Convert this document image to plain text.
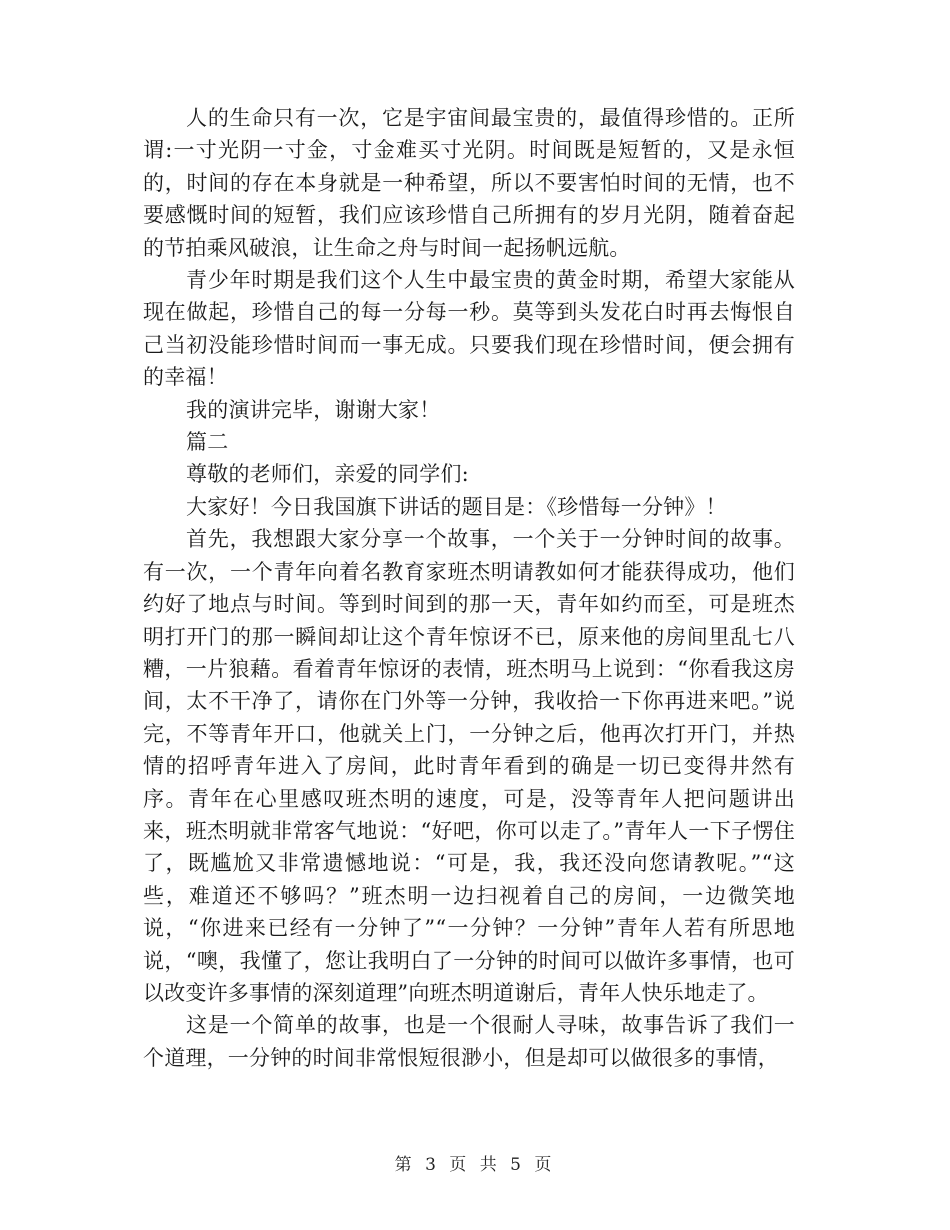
人的生命只有一次，它是宇宙间最宝贵的，最值得珍惜的。正所谓:一寸光阴一寸金，寸金难买寸光阴。时间既是短暂的，又是永恒的，时间的存在本身就是一种希望，所以不要害怕时间的无情，也不要感慨时间的短暂，我们应该珍惜自己所拥有的岁月光阴，随着奋起的节拍乘风破浪，让生命之舟与时间一起扬帆远航。

青少年时期是我们这个人生中最宝贵的黄金时期，希望大家能从现在做起，珍惜自己的每一分每一秒。莫等到头发花白时再去悔恨自己当初没能珍惜时间而一事无成。只要我们现在珍惜时间，便会拥有的幸福！

我的演讲完毕，谢谢大家！

篇二

尊敬的老师们，亲爱的同学们:

大家好！今日我国旗下讲话的题目是：《珍惜每一分钟》！

首先，我想跟大家分享一个故事，一个关于一分钟时间的故事。有一次，一个青年向着名教育家班杰明请教如何才能获得成功，他们约好了地点与时间。等到时间到的那一天，青年如约而至，可是班杰明打开门的那一瞬间却让这个青年惊讶不已，原来他的房间里乱七八糟，一片狼藉。看着青年惊讶的表情，班杰明马上说到：“你看我这房间，太不干净了，请你在门外等一分钟，我收拾一下你再进来吧。”说完，不等青年开口，他就关上门，一分钟之后，他再次打开门，并热情的招呼青年进入了房间，此时青年看到的确是一切已变得井然有序。青年在心里感叹班杰明的速度，可是，没等青年人把问题讲出来，班杰明就非常客气地说：“好吧，你可以走了。”青年人一下子愣住了，既尴尬又非常遗憾地说：“可是，我，我还没向您请教呢。”“这些，难道还不够吗？”班杰明一边扫视着自己的房间，一边微笑地说，“你进来已经有一分钟了”“一分钟？一分钟”青年人若有所思地说，“噢，我懂了，您让我明白了一分钟的时间可以做许多事情，也可以改变许多事情的深刻道理”向班杰明道谢后，青年人快乐地走了。

这是一个简单的故事，也是一个很耐人寻味，故事告诉了我们一个道理，一分钟的时间非常恨短很渺小，但是却可以做很多的事情，

第 3 页 共 5 页
